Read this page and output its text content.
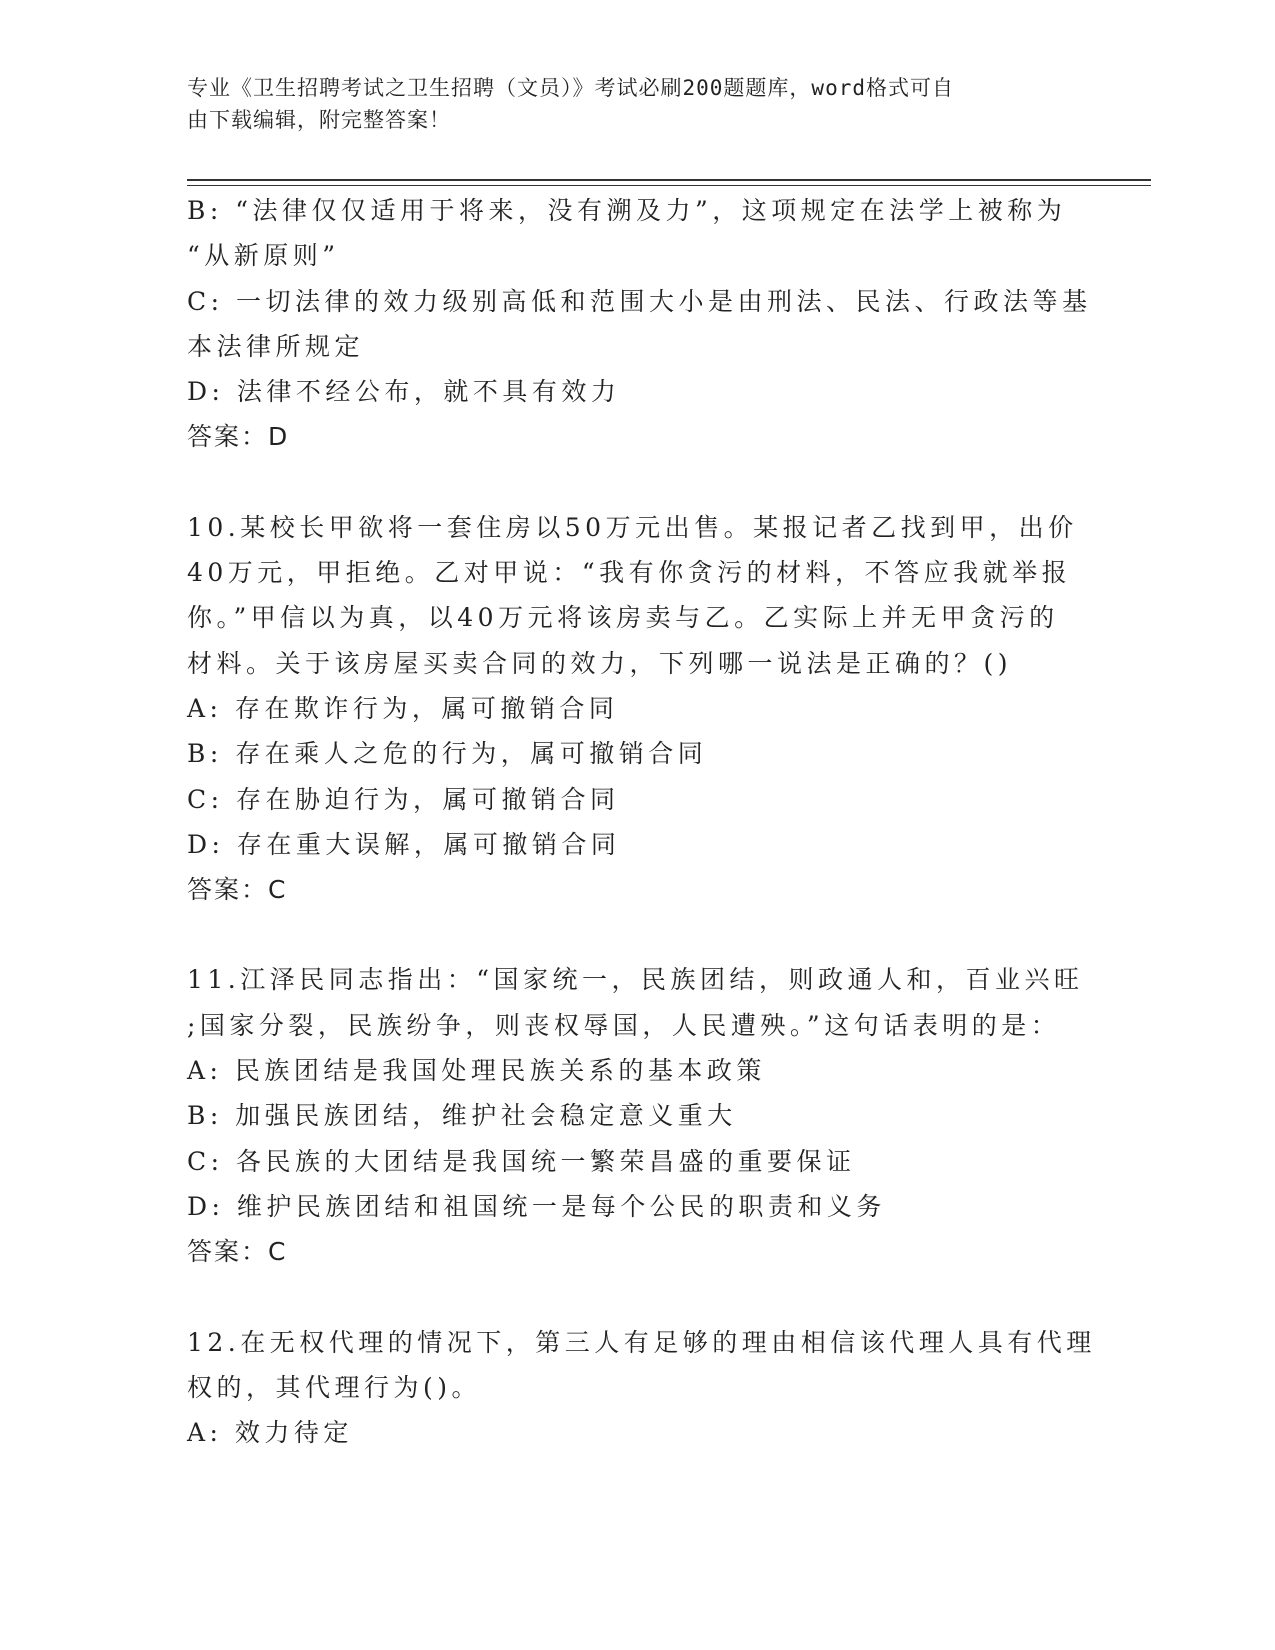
专业《卫生招聘考试之卫生招聘（文员）》考试必刷200题题库，word格式可自
由下载编辑，附完整答案！
B: “法律仅仅适用于将来，没有溯及力”，这项规定在法学上被称为
“从新原则”
C: 一切法律的效力级别高低和范围大小是由刑法、民法、行政法等基
本法律所规定
D: 法律不经公布，就不具有效力
答案：D
10.某校长甲欲将一套住房以50万元出售。某报记者乙找到甲，出价
40万元，甲拒绝。乙对甲说：“我有你贪污的材料，不答应我就举报
你。”甲信以为真，以40万元将该房卖与乙。乙实际上并无甲贪污的
材料。关于该房屋买卖合同的效力，下列哪一说法是正确的？()
A: 存在欺诈行为，属可撤销合同
B: 存在乘人之危的行为，属可撤销合同
C: 存在胁迫行为，属可撤销合同
D: 存在重大误解，属可撤销合同
答案：C
11.江泽民同志指出：“国家统一，民族团结，则政通人和，百业兴旺
;国家分裂，民族纷争，则丧权辱国，人民遭殃。”这句话表明的是：
A: 民族团结是我国处理民族关系的基本政策
B: 加强民族团结，维护社会稳定意义重大
C: 各民族的大团结是我国统一繁荣昌盛的重要保证
D: 维护民族团结和祖国统一是每个公民的职责和义务
答案：C
12.在无权代理的情况下，第三人有足够的理由相信该代理人具有代理
权的，其代理行为()。
A: 效力待定
